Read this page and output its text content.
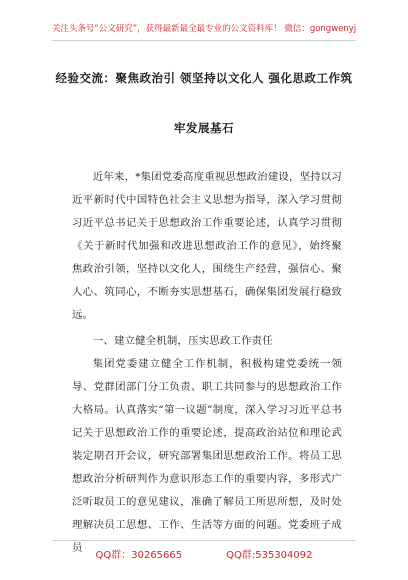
关注头条号“公文研究”，获得最新最全最专业的公文资料库！ 微信：gongwenyj
经验交流：聚焦政治引 领坚持以文化人 强化思政工作筑
牢发展基石

近年来，*集团党委高度重视思想政治建设，坚持以习近平新时代中国特色社会主义思想为指导，深入学习贯彻习近平总书记关于思想政治工作重要论述，认真学习贯彻《关于新时代加强和改进思想政治工作的意见》，始终聚焦政治引领，坚持以文化人，围绕生产经营，强信心、聚人心、筑同心，不断夯实思想基石，确保集团发展行稳致远。

一、建立健全机制，压实思政工作责任

集团党委建立健全工作机制，积极构建党委统一领导、党群团部门分工负责、职工共同参与的思想政治工作大格局。认真落实“第一议题”制度，深入学习习近平总书记关于思想政治工作的重要论述，提高政治站位和理论武装定期召开会议，研究部署集团思想政治工作。将员工思想政治分析研判作为意识形态工作的重要内容，多形式广泛听取员工的意见建议，准确了解员工所思所想，及时处理解决员工思想、工作、生活等方面的问题。党委班子成员

QQ群：30265665	QQ群:535304092
